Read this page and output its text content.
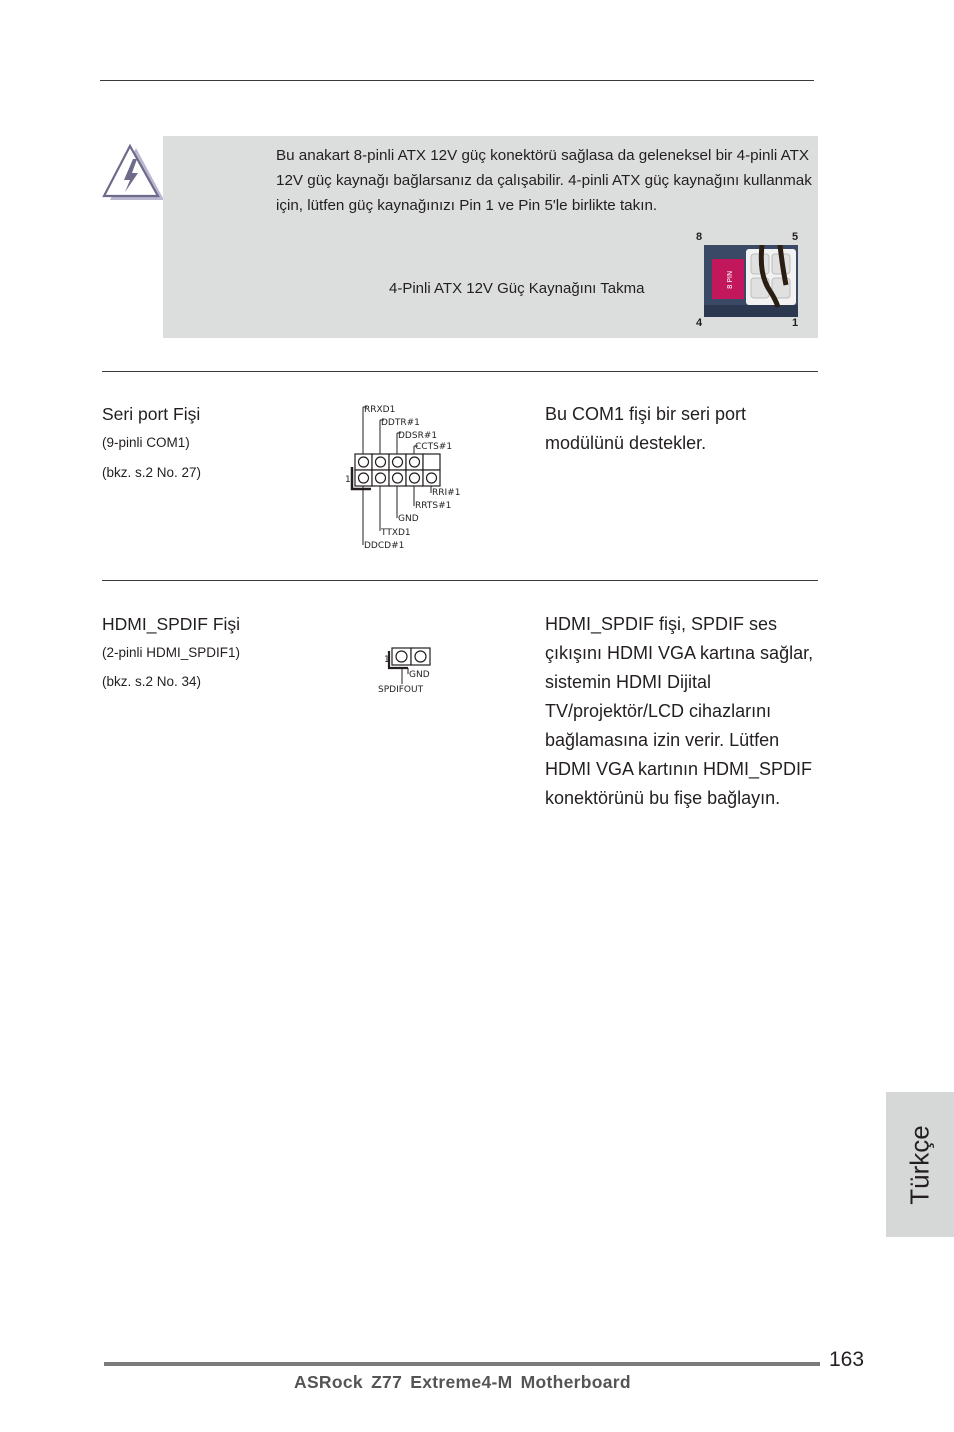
Bu anakart 8-pinli ATX 12V güç konektörü sağlasa da geleneksel bir 4-pinli ATX 12V güç kaynağı bağlarsanız da çalışabilir. 4-pinli ATX güç kaynağını kullanmak için, lütfen güç kaynağınızı Pin 1 ve Pin 5'le birlikte takın.
4-Pinli ATX 12V Güç Kaynağını Takma
8	5
4	1
8 PIN
Seri port Fişi
(9-pinli COM1)
(bkz. s.2 No. 27)
Bu COM1 fişi bir seri port modülünü destekler.
1
RRXD1
DDTR#1
DDSR#1
CCTS#1
RRI#1
RRTS#1
GND
TTXD1
DDCD#1
HDMI_SPDIF Fişi
(2-pinli HDMI_SPDIF1)
(bkz. s.2 No. 34)
HDMI_SPDIF fişi, SPDIF ses çıkışını HDMI VGA kartına sağlar, sistemin HDMI Dijital TV/projektör/LCD cihazlarını bağlamasına izin verir. Lütfen HDMI VGA kartının HDMI_SPDIF konektörünü bu fişe bağlayın.
1
GND
SPDIFOUT
Türkçe
163
ASRock Z77 Extreme4-M Motherboard
